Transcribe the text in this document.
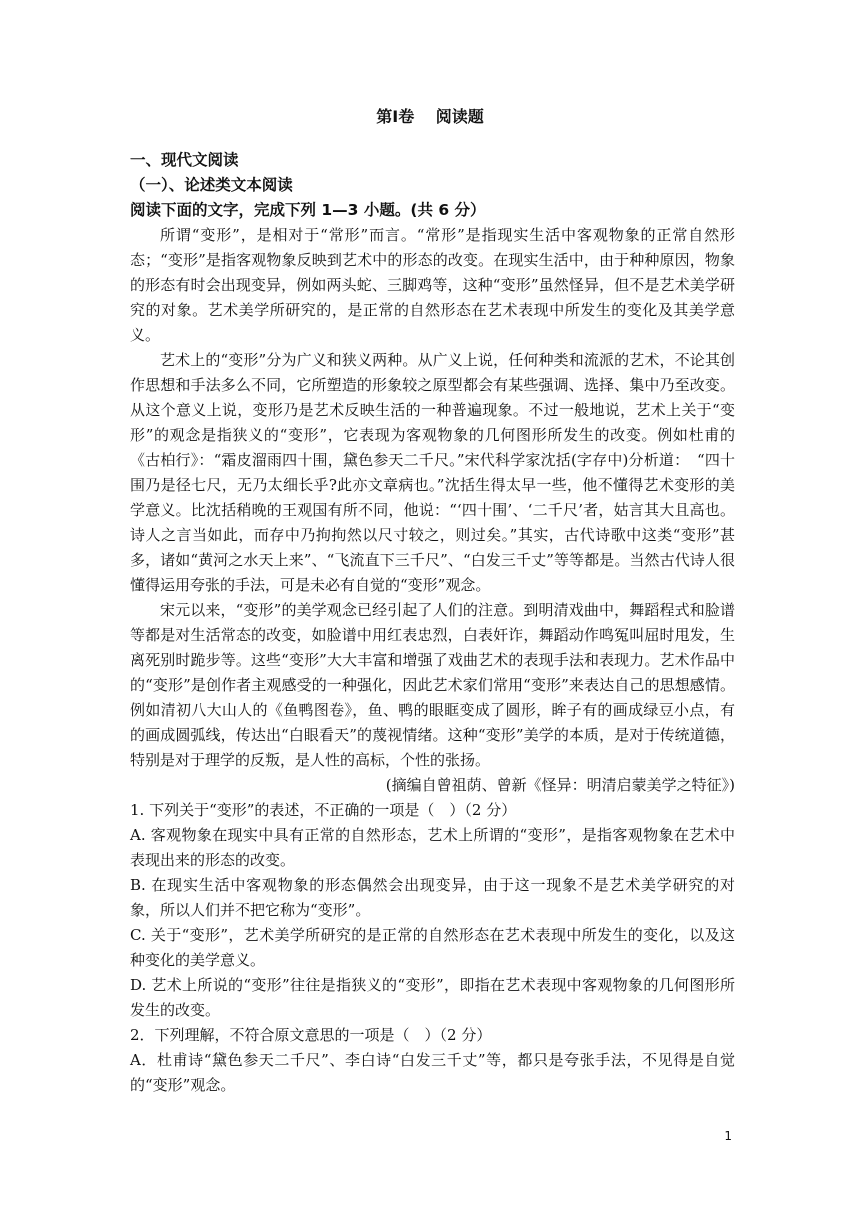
第Ⅰ卷　 阅读题

一、现代文阅读

（一）、论述类文本阅读

阅读下面的文字，完成下列 1—3 小题。(共 6 分）

所谓“变形”，是相对于“常形”而言。“常形”是指现实生活中客观物象的正常自然形态；“变形”是指客观物象反映到艺术中的形态的改变。在现实生活中，由于种种原因，物象的形态有时会出现变异，例如两头蛇、三脚鸡等，这种“变形”虽然怪异，但不是艺术美学研究的对象。艺术美学所研究的，是正常的自然形态在艺术表现中所发生的变化及其美学意义。

艺术上的“变形”分为广义和狭义两种。从广义上说，任何种类和流派的艺术，不论其创作思想和手法多么不同，它所塑造的形象较之原型都会有某些强调、选择、集中乃至改变。从这个意义上说，变形乃是艺术反映生活的一种普遍现象。不过一般地说，艺术上关于“变形”的观念是指狭义的“变形”，它表现为客观物象的几何图形所发生的改变。例如杜甫的《古柏行》：“霜皮溜雨四十围，黛色参天二千尺。”宋代科学家沈括(字存中)分析道：　“四十围乃是径七尺，无乃太细长乎?此亦文章病也。”沈括生得太早一些，他不懂得艺术变形的美学意义。比沈括稍晚的王观国有所不同，他说：“‘四十围’、‘二千尺’者，姑言其大且高也。诗人之言当如此，而存中乃拘拘然以尺寸较之，则过矣。”其实，古代诗歌中这类“变形”甚多，诸如“黄河之水天上来”、“飞流直下三千尺”、“白发三千丈”等等都是。当然古代诗人很懂得运用夸张的手法，可是未必有自觉的“变形”观念。

宋元以来，“变形”的美学观念已经引起了人们的注意。到明清戏曲中，舞蹈程式和脸谱等都是对生活常态的改变，如脸谱中用红表忠烈，白表奸诈，舞蹈动作鸣冤叫屈时甩发，生离死别时跪步等。这些“变形”大大丰富和增强了戏曲艺术的表现手法和表现力。艺术作品中的“变形”是创作者主观感受的一种强化，因此艺术家们常用“变形”来表达自己的思想感情。例如清初八大山人的《鱼鸭图卷》，鱼、鸭的眼眶变成了圆形，眸子有的画成绿豆小点，有的画成圆弧线，传达出“白眼看天”的蔑视情绪。这种“变形”美学的本质，是对于传统道德，特别是对于理学的反叛，是人性的高标，个性的张扬。

(摘编自曾祖荫、曾新《怪异：明清启蒙美学之特征》)

1. 下列关于“变形”的表述，不正确的一项是（　）（2 分）

A. 客观物象在现实中具有正常的自然形态，艺术上所谓的“变形”，是指客观物象在艺术中表现出来的形态的改变。

B. 在现实生活中客观物象的形态偶然会出现变异，由于这一现象不是艺术美学研究的对象，所以人们并不把它称为“变形”。

C. 关于“变形”，艺术美学所研究的是正常的自然形态在艺术表现中所发生的变化，以及这种变化的美学意义。

D. 艺术上所说的“变形”往往是指狭义的“变形”，即指在艺术表现中客观物象的几何图形所发生的改变。

2．下列理解，不符合原文意思的一项是（　）（2 分）

A．杜甫诗“黛色参天二千尺”、李白诗“白发三千丈”等，都只是夸张手法，不见得是自觉的“变形”观念。

1
